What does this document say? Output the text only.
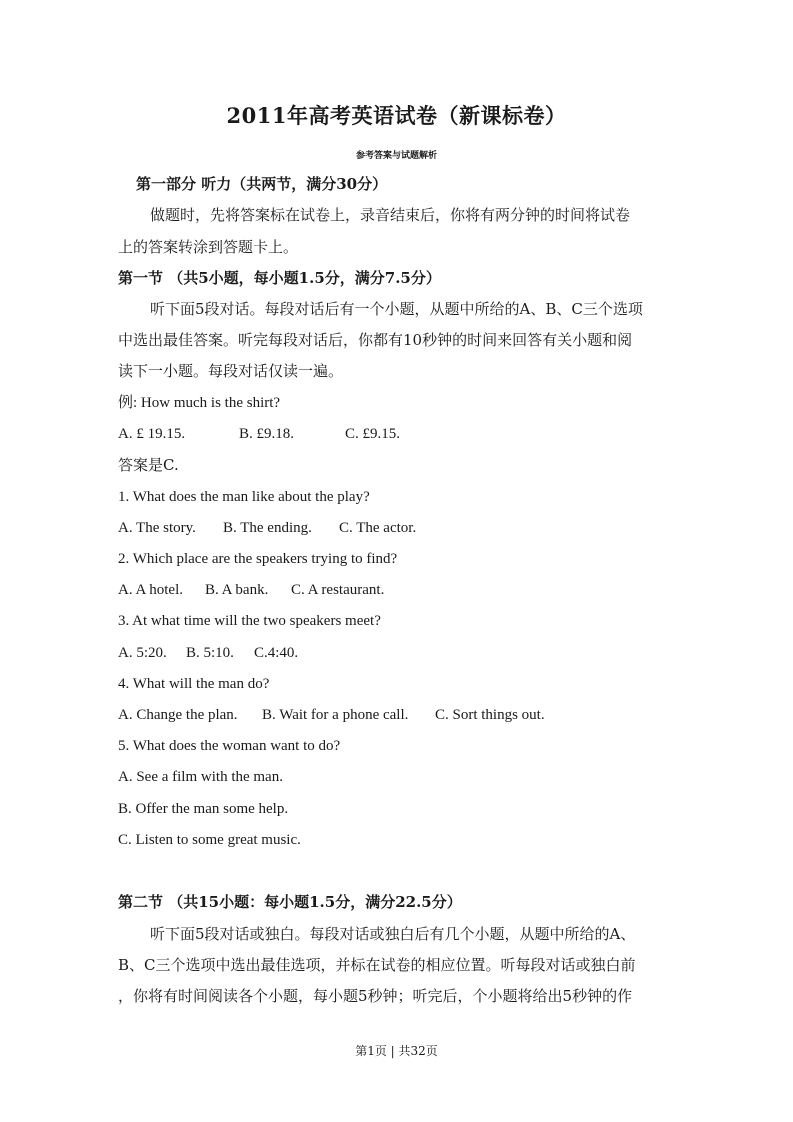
2011年高考英语试卷（新课标卷）
参考答案与试题解析
第一部分 听力（共两节，满分30分）
做题时，先将答案标在试卷上，录音结束后，你将有两分钟的时间将试卷
上的答案转涂到答题卡上。
第一节 （共5小题，每小题1.5分，满分7.5分）
听下面5段对话。每段对话后有一个小题，从题中所给的A、B、C三个选项
中选出最佳答案。听完每段对话后，你都有10秒钟的时间来回答有关小题和阅
读下一小题。每段对话仅读一遍。
例: How much is the shirt?
A. £ 19.15.	B. £9.18.	C. £9.15.
答案是C.
1. What does the man like about the play?
A. The story. B. The ending. C. The actor.
2. Which place are the speakers trying to find?
A. A hotel. B. A bank. C. A restaurant.
3. At what time will the two speakers meet?
A. 5:20. B. 5:10. C.4:40.
4. What will the man do?
A. Change the plan. B. Wait for a phone call. C. Sort things out.
5. What does the woman want to do?
A. See a film with the man.
B. Offer the man some help.
C. Listen to some great music.
第二节 （共15小题：每小题1.5分，满分22.5分）
听下面5段对话或独白。每段对话或独白后有几个小题，从题中所给的A、
B、C三个选项中选出最佳选项，并标在试卷的相应位置。听每段对话或独白前
，你将有时间阅读各个小题，每小题5秒钟；听完后，个小题将给出5秒钟的作
第1页 | 共32页
